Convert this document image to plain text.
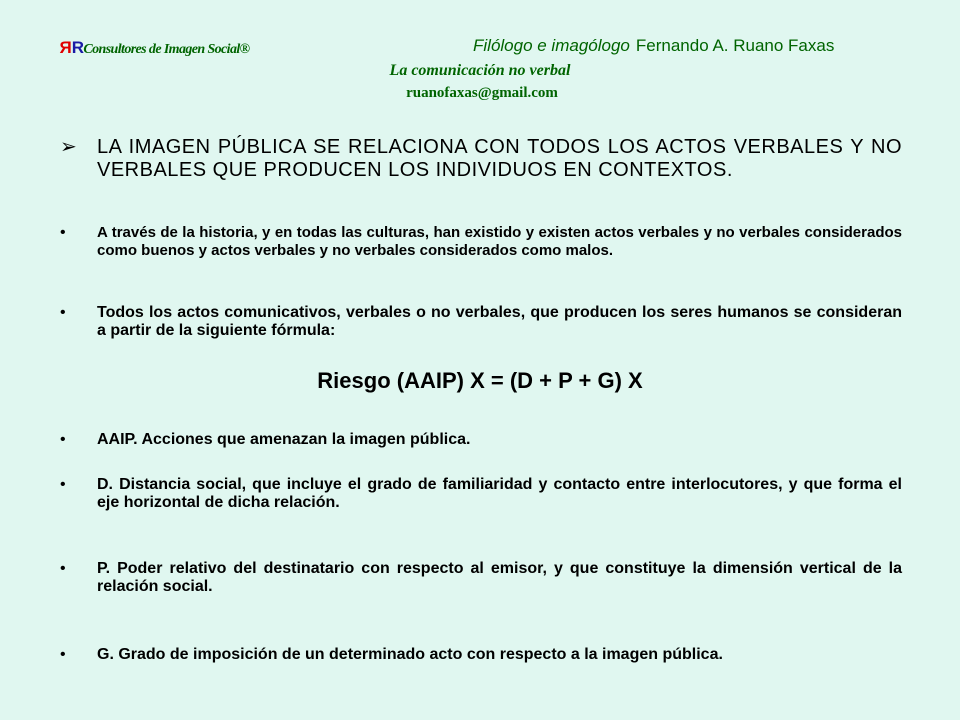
RRConsultores de Imagen Social®	Filólogo e imagólogo Fernando A. Ruano Faxas
La comunicación no verbal
ruanofaxas@gmail.com
➢ LA IMAGEN PÚBLICA SE RELACIONA CON TODOS LOS ACTOS VERBALES Y NO VERBALES QUE PRODUCEN LOS INDIVIDUOS EN CONTEXTOS.
• A través de la historia, y en todas las culturas, han existido y existen actos verbales y no verbales considerados como buenos y actos verbales y no verbales considerados como malos.
• Todos los actos comunicativos, verbales o no verbales, que producen los seres humanos se consideran a partir de la siguiente fórmula:
Riesgo (AAIP) X = (D + P + G) X
• AAIP. Acciones que amenazan la imagen pública.
• D. Distancia social, que incluye el grado de familiaridad y contacto entre interlocutores, y que forma el eje horizontal de dicha relación.
• P. Poder relativo del destinatario con respecto al emisor, y que constituye la dimensión vertical de la relación social.
• G. Grado de imposición de un determinado acto con respecto a la imagen pública.
